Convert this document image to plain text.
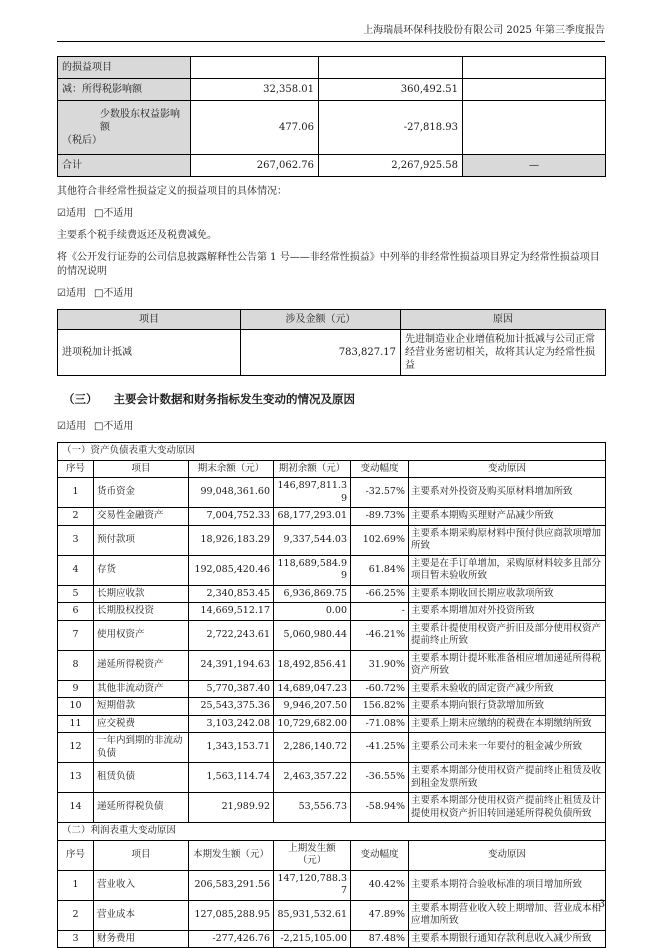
上海瑞晨环保科技股份有限公司 2025 年第三季度报告
的损益项目			
减：所得税影响额	32,358.01	360,492.51	

少数股东权益影响额
（税后）	477.06	-27,818.93	
合计	267,062.76	2,267,925.58	—
其他符合非经常性损益定义的损益项目的具体情况：
☑适用 □不适用
主要系个税手续费返还及税费减免。
将《公开发行证券的公司信息披露解释性公告第 1 号——非经常性损益》中列举的非经常性损益项目界定为经常性损益项目的情况说明
☑适用 □不适用
项目	涉及金额（元）	原因
进项税加计抵减	783,827.17	先进制造业企业增值税加计抵减与公司正常经营业务密切相关，故将其认定为经常性损益
（三） 主要会计数据和财务指标发生变动的情况及原因
☑适用 □不适用
（一）资产负债表重大变动原因					
序号	项目	期末余额（元）	期初余额（元）	变动幅度	变动原因
1	货币资金	99,048,361.60	146,897,811.39	-32.57%	主要系对外投资及购买原材料增加所致
2	交易性金融资产	7,004,752.33	68,177,293.01	-89.73%	主要系本期购买理财产品减少所致
3	预付款项	18,926,183.29	9,337,544.03	102.69%	主要系本期采购原材料中预付供应商款项增加所致
4	存货	192,085,420.46	118,689,584.99	61.84%	主要是在手订单增加，采购原材料较多且部分项目暂未验收所致
5	长期应收款	2,340,853.45	6,936,869.75	-66.25%	主要系本期收回长期应收款项所致
6	长期股权投资	14,669,512.17	0.00	-	主要系本期增加对外投资所致
7	使用权资产	2,722,243.61	5,060,980.44	-46.21%	主要系计提使用权资产折旧及部分使用权资产提前终止所致
8	递延所得税资产	24,391,194.63	18,492,856.41	31.90%	主要系本期计提坏账准备相应增加递延所得税资产所致
9	其他非流动资产	5,770,387.40	14,689,047.23	-60.72%	主要系未验收的固定资产减少所致
10	短期借款	25,543,375.36	9,946,207.50	156.82%	主要系本期向银行贷款增加所致
11	应交税费	3,103,242.08	10,729,682.00	-71.08%	主要系上期末应缴纳的税费在本期缴纳所致
12	一年内到期的非流动负债	1,343,153.71	2,286,140.72	-41.25%	主要系公司未来一年要付的租金减少所致
13	租赁负债	1,563,114.74	2,463,357.22	-36.55%	主要系本期部分使用权资产提前终止租赁及收到租金发票所致
14	递延所得税负债	21,989.92	53,556.73	-58.94%	主要系本期部分使用权资产提前终止租赁及计提使用权资产折旧转回递延所得税负债所致
（二）利润表重大变动原因					
序号	项目	本期发生额（元）	上期发生额（元）	变动幅度	变动原因
1	营业收入	206,583,291.56	147,120,788.37	40.42%	主要系本期符合验收标准的项目增加所致
2	营业成本	127,085,288.95	85,931,532.61	47.89%	主要系本期营业收入较上期增加、营业成本相应增加所致
3	财务费用	-277,426.76	-2,215,105.00	87.48%	主要系本期银行通知存款利息收入减少所致
3
